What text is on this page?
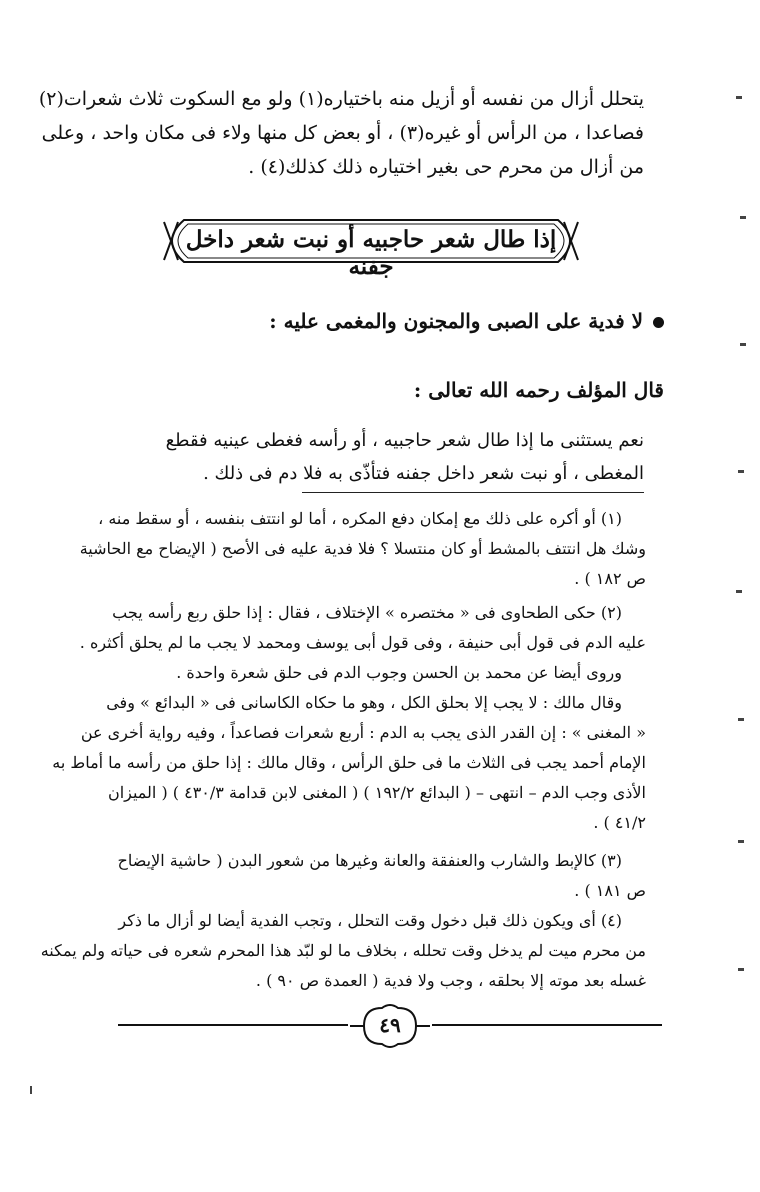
يتحلل أزال من نفسه أو أزيل منه باختياره(١) ولو مع السكوت ثلاث شعرات(٢)
فصاعدا ، من الرأس أو غيره(٣) ، أو بعض كل منها ولاء فى مكان واحد ، وعلى
من أزال من محرم حى بغير اختياره ذلك كذلك(٤) .
إذا طال شعر حاجبيه أو نبت شعر داخل جفنه
لا فدية على الصبى والمجنون والمغمى عليه :
قال المؤلف رحمه الله تعالى :
نعم يستثنى ما إذا طال شعر حاجبيه ، أو رأسه فغطى عينيه فقطع
المغطى ، أو نبت شعر داخل جفنه فتأذّى به فلا دم فى ذلك .
(١) أو أكره على ذلك مع إمكان دفع المكره ، أما لو انتتف بنفسه ، أو سقط منه ،
وشك هل انتتف بالمشط أو كان منتسلا ؟ فلا فدية عليه فى الأصح ( الإيضاح مع الحاشية
ص ١٨٢ ) .
(٢) حكى الطحاوى فى « مختصره » الإختلاف ، فقال : إذا حلق ربع رأسه يجب
عليه الدم فى قول أبى حنيفة ، وفى قول أبى يوسف ومحمد لا يجب ما لم يحلق أكثره .
وروى أيضا عن محمد بن الحسن وجوب الدم فى حلق شعرة واحدة .
وقال مالك : لا يجب إلا بحلق الكل ، وهو ما حكاه الكاسانى فى « البدائع » وفى
« المغنى » : إن القدر الذى يجب به الدم : أربع شعرات فصاعداً ، وفيه رواية أخرى عن
الإمام أحمد يجب فى الثلاث ما فى حلق الرأس ، وقال مالك : إذا حلق من رأسه ما أماط به
الأذى وجب الدم – انتهى – ( البدائع ١٩٢/٢ ) ( المغنى لابن قدامة ٤٣٠/٣ ) ( الميزان
٤١/٢ ) .
(٣) كالإبط والشارب والعنفقة والعانة وغيرها من شعور البدن ( حاشية الإيضاح
ص ١٨١ ) .
(٤) أى ويكون ذلك قبل دخول وقت التحلل ، وتجب الفدية أيضا لو أزال ما ذكر
من محرم ميت لم يدخل وقت تحلله ، بخلاف ما لو لبّد هذا المحرم شعره فى حياته ولم يمكنه
غسله بعد موته إلا بحلقه ، وجب ولا فدية ( العمدة ص ٩٠ ) .
٤٩
